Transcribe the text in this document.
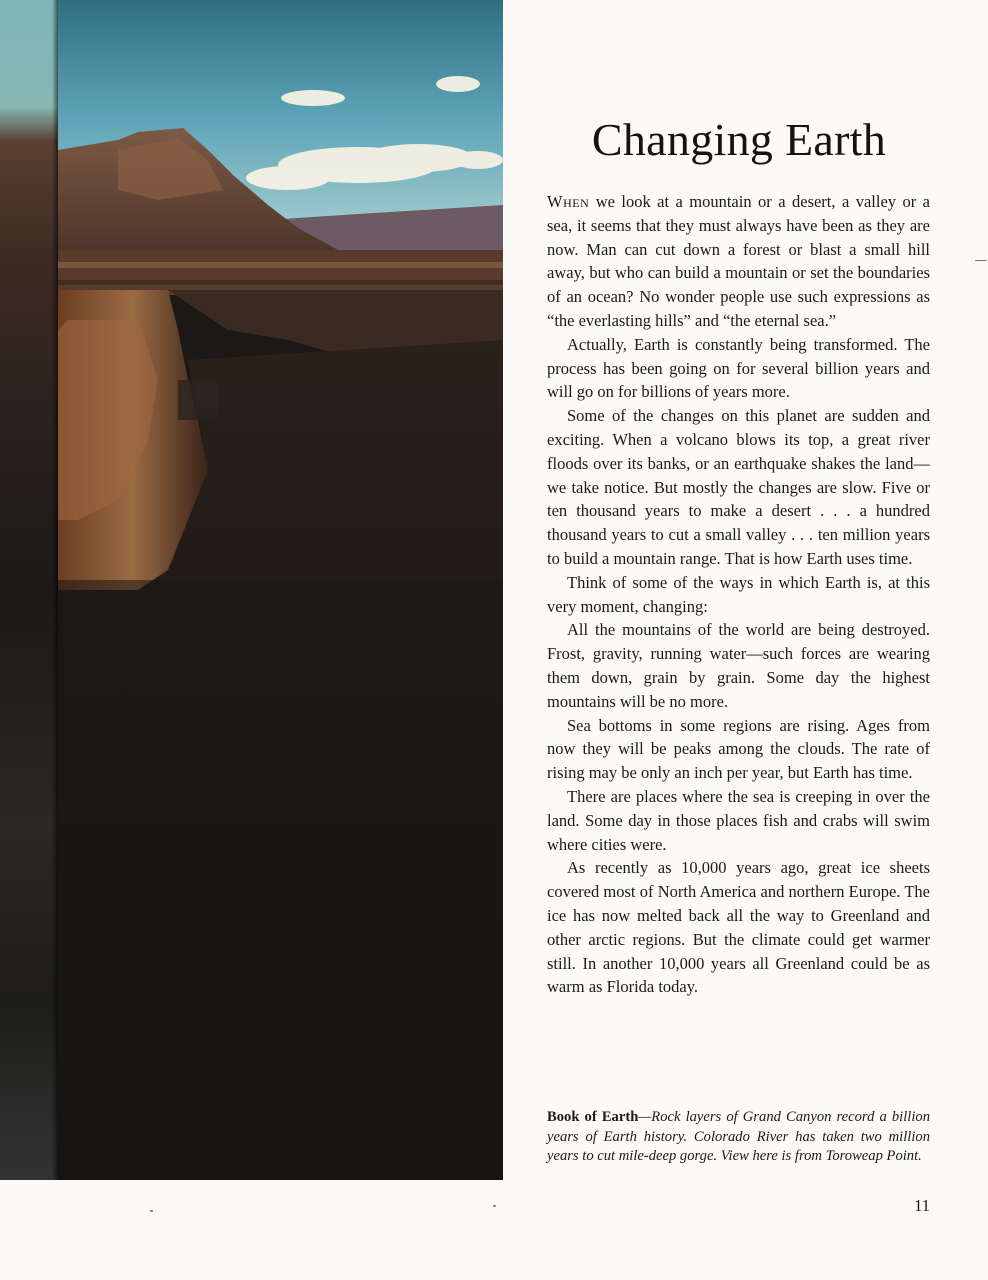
Changing Earth

When we look at a mountain or a desert, a valley or a sea, it seems that they must always have been as they are now. Man can cut down a forest or blast a small hill away, but who can build a mountain or set the boundaries of an ocean? No wonder people use such expressions as “the everlasting hills” and “the eternal sea.”

Actually, Earth is constantly being transformed. The process has been going on for several billion years and will go on for billions of years more.

Some of the changes on this planet are sudden and exciting. When a volcano blows its top, a great river floods over its banks, or an earthquake shakes the land—we take notice. But mostly the changes are slow. Five or ten thousand years to make a desert . . . a hundred thousand years to cut a small valley . . . ten million years to build a mountain range. That is how Earth uses time.

Think of some of the ways in which Earth is, at this very moment, changing:

All the mountains of the world are being destroyed. Frost, gravity, running water—such forces are wearing them down, grain by grain. Some day the highest mountains will be no more.

Sea bottoms in some regions are rising. Ages from now they will be peaks among the clouds. The rate of rising may be only an inch per year, but Earth has time.

There are places where the sea is creeping in over the land. Some day in those places fish and crabs will swim where cities were.

As recently as 10,000 years ago, great ice sheets covered most of North America and northern Europe. The ice has now melted back all the way to Greenland and other arctic regions. But the climate could get warmer still. In another 10,000 years all Greenland could be as warm as Florida today.

Book of Earth—Rock layers of Grand Canyon record a billion years of Earth history. Colorado River has taken two million years to cut mile-deep gorge. View here is from Toroweap Point.
11
